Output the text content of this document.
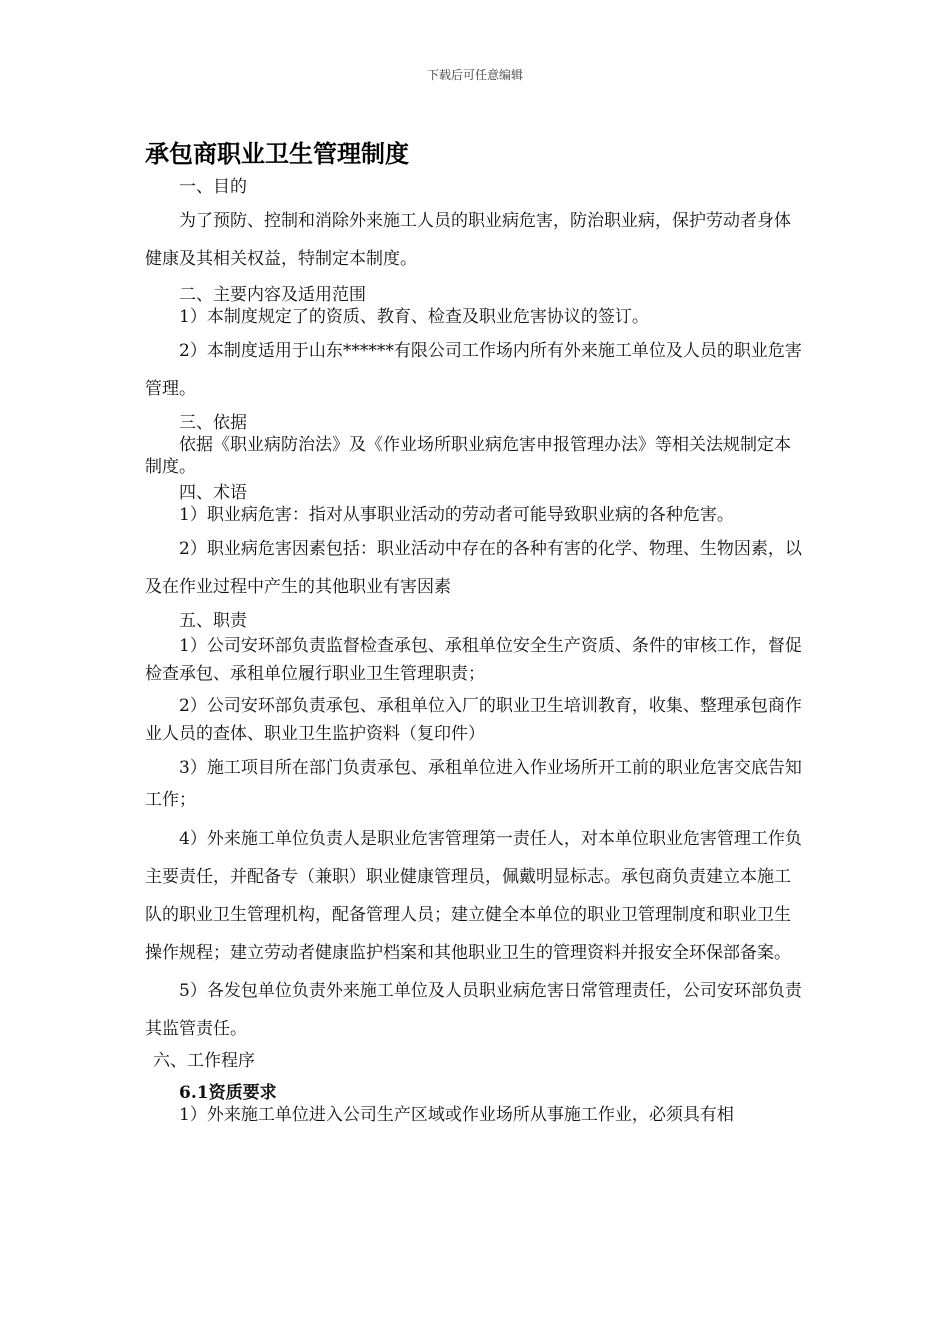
下载后可任意编辑
承包商职业卫生管理制度

一、目的

为了预防、控制和消除外来施工人员的职业病危害，防治职业病，保护劳动者身体健康及其相关权益，特制定本制度。

二、主要内容及适用范围

1）本制度规定了的资质、教育、检查及职业危害协议的签订。

2）本制度适用于山东******有限公司工作场内所有外来施工单位及人员的职业危害管理。

三、依据

依据《职业病防治法》及《作业场所职业病危害申报管理办法》等相关法规制定本制度。

四、术语

1）职业病危害：指对从事职业活动的劳动者可能导致职业病的各种危害。

2）职业病危害因素包括：职业活动中存在的各种有害的化学、物理、生物因素，以及在作业过程中产生的其他职业有害因素

五、职责

1）公司安环部负责监督检查承包、承租单位安全生产资质、条件的审核工作，督促检查承包、承租单位履行职业卫生管理职责；

2）公司安环部负责承包、承租单位入厂的职业卫生培训教育，收集、整理承包商作业人员的查体、职业卫生监护资料（复印件）

3）施工项目所在部门负责承包、承租单位进入作业场所开工前的职业危害交底告知工作；

4）外来施工单位负责人是职业危害管理第一责任人，对本单位职业危害管理工作负主要责任，并配备专（兼职）职业健康管理员，佩戴明显标志。承包商负责建立本施工队的职业卫生管理机构，配备管理人员；建立健全本单位的职业卫管理制度和职业卫生操作规程；建立劳动者健康监护档案和其他职业卫生的管理资料并报安全环保部备案。

5）各发包单位负责外来施工单位及人员职业病危害日常管理责任，公司安环部负责其监管责任。

六、工作程序

6.1资质要求

1）外来施工单位进入公司生产区域或作业场所从事施工作业，必须具有相
